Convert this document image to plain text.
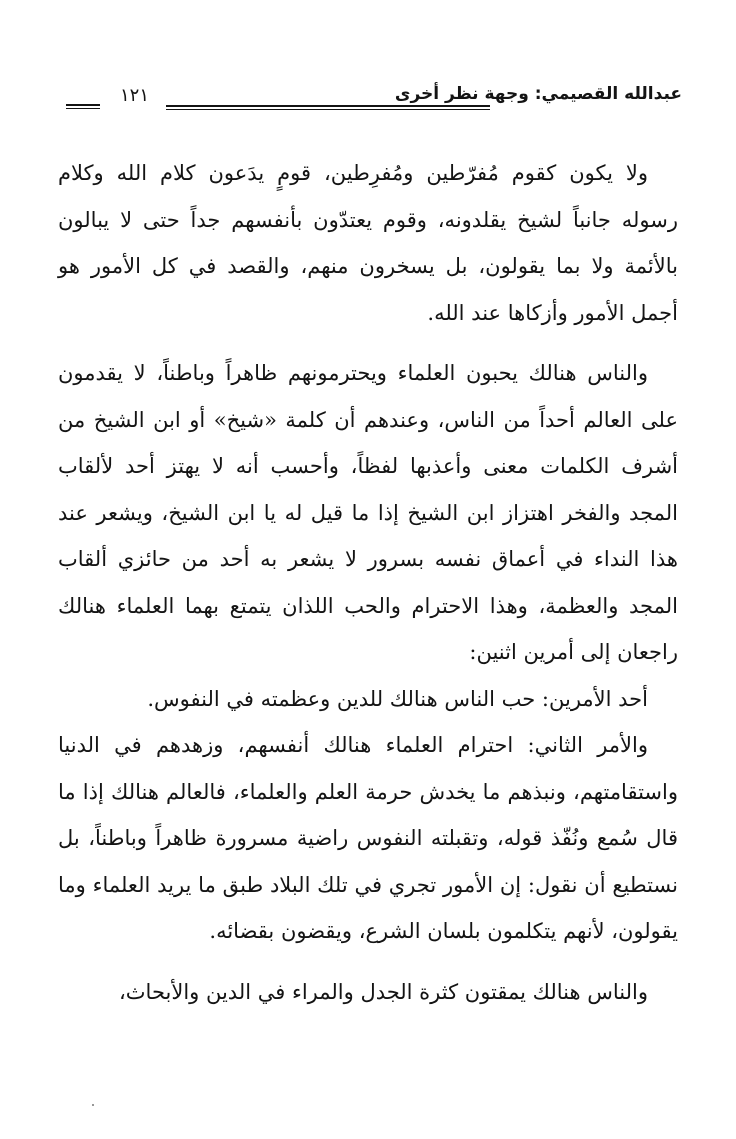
عبدالله القصيمي: وجهة نظر أخرى
١٢١

ولا يكون كقوم مُفرّطين ومُفرِطين، قومٍ يدَعون كلام الله وكلام رسوله جانباً لشيخ يقلدونه، وقوم يعتدّون بأنفسهم جداً حتى لا يبالون بالأئمة ولا بما يقولون، بل يسخرون منهم، والقصد في كل الأمور هو أجمل الأمور وأزكاها عند الله.

والناس هنالك يحبون العلماء ويحترمونهم ظاهراً وباطناً، لا يقدمون على العالم أحداً من الناس، وعندهم أن كلمة «شيخ» أو ابن الشيخ من أشرف الكلمات معنى وأعذبها لفظاً، وأحسب أنه لا يهتز أحد لألقاب المجد والفخر اهتزاز ابن الشيخ إذا ما قيل له يا ابن الشيخ، ويشعر عند هذا النداء في أعماق نفسه بسرور لا يشعر به أحد من حائزي ألقاب المجد والعظمة، وهذا الاحترام والحب اللذان يتمتع بهما العلماء هنالك راجعان إلى أمرين اثنين:

أحد الأمرين: حب الناس هنالك للدين وعظمته في النفوس.

والأمر الثاني: احترام العلماء هنالك أنفسهم، وزهدهم في الدنيا واستقامتهم، ونبذهم ما يخدش حرمة العلم والعلماء، فالعالم هنالك إذا ما قال سُمع ونُفّذ قوله، وتقبلته النفوس راضية مسرورة ظاهراً وباطناً، بل نستطيع أن نقول: إن الأمور تجري في تلك البلاد طبق ما يريد العلماء وما يقولون، لأنهم يتكلمون بلسان الشرع، ويقضون بقضائه.

والناس هنالك يمقتون كثرة الجدل والمراء في الدين والأبحاث،
